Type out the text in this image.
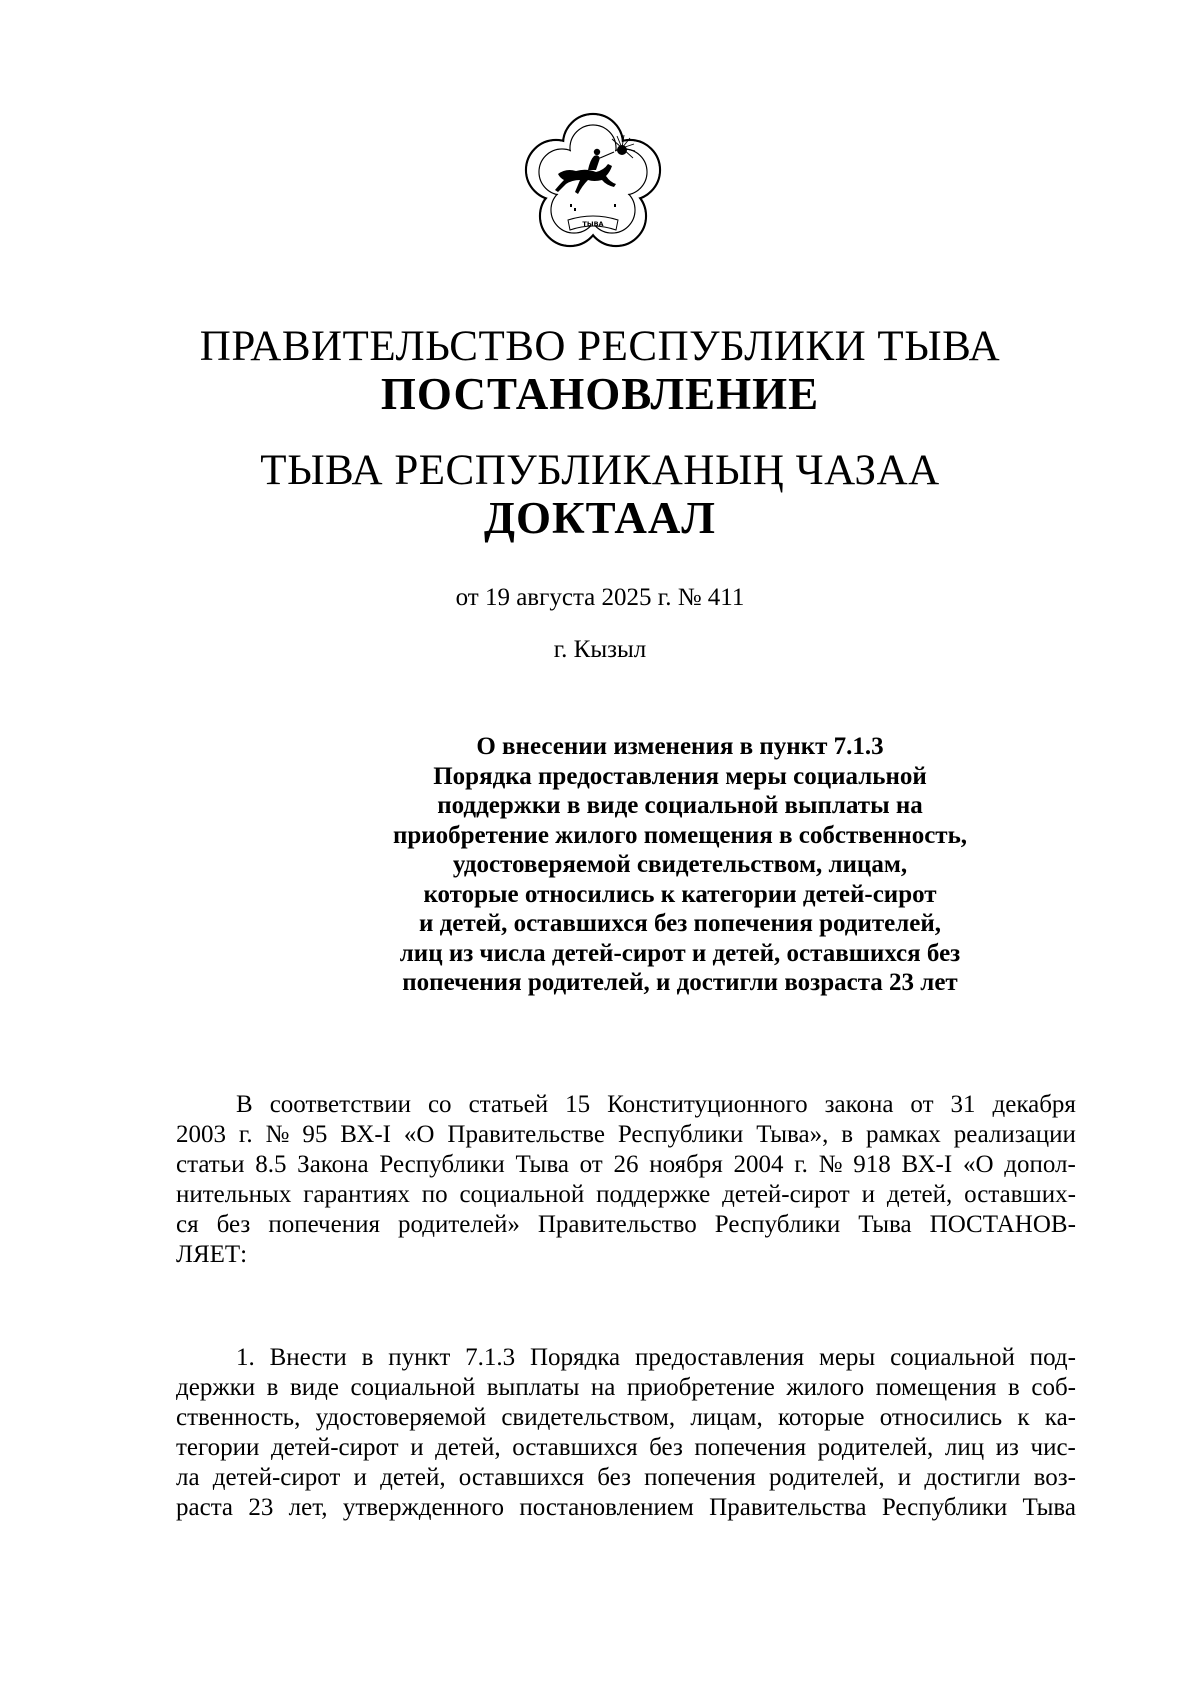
ТЫВА
ПРАВИТЕЛЬСТВО РЕСПУБЛИКИ ТЫВА
ПОСТАНОВЛЕНИЕ
ТЫВА РЕСПУБЛИКАНЫҢ ЧАЗАА
ДОКТААЛ
от 19 августа 2025 г. № 411
г. Кызыл
О внесении изменения в пункт 7.1.3
Порядка предоставления меры социальной
поддержки в виде социальной выплаты на
приобретение жилого помещения в собственность,
удостоверяемой свидетельством, лицам,
которые относились к категории детей-сирот
и детей, оставшихся без попечения родителей,
лиц из числа детей-сирот и детей, оставшихся без
попечения родителей, и достигли возраста 23 лет
В соответствии со статьей 15 Конституционного закона от 31 декабря
2003 г. № 95 ВХ-I «О Правительстве Республики Тыва», в рамках реализации
статьи 8.5 Закона Республики Тыва от 26 ноября 2004 г. № 918 ВХ-I «О допол-
нительных гарантиях по социальной поддержке детей-сирот и детей, оставших-
ся без попечения родителей» Правительство Республики Тыва ПОСТАНОВ-
ЛЯЕТ:
1. Внести в пункт 7.1.3 Порядка предоставления меры социальной под-
держки в виде социальной выплаты на приобретение жилого помещения в соб-
ственность, удостоверяемой свидетельством, лицам, которые относились к ка-
тегории детей-сирот и детей, оставшихся без попечения родителей, лиц из чис-
ла детей-сирот и детей, оставшихся без попечения родителей, и достигли воз-
раста 23 лет, утвержденного постановлением Правительства Республики Тыва
